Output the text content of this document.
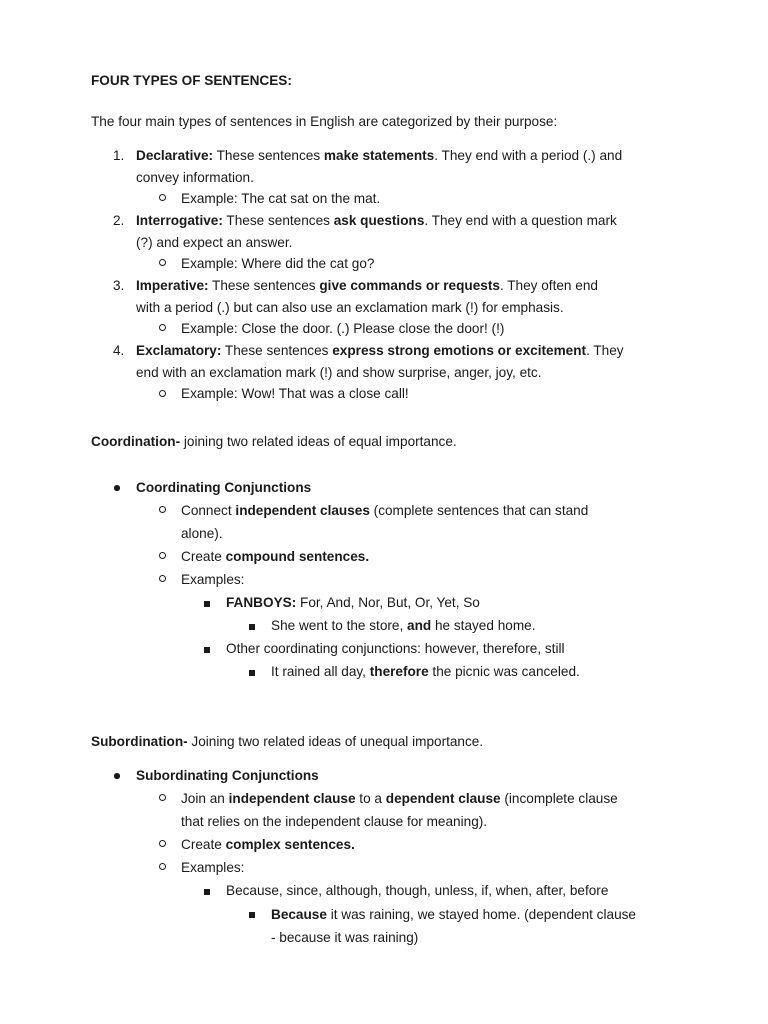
FOUR TYPES OF SENTENCES:
The four main types of sentences in English are categorized by their purpose:
1. Declarative: These sentences make statements. They end with a period (.) and
convey information.
Example: The cat sat on the mat.
2. Interrogative: These sentences ask questions. They end with a question mark
(?) and expect an answer.
Example: Where did the cat go?
3. Imperative: These sentences give commands or requests. They often end
with a period (.) but can also use an exclamation mark (!) for emphasis.
Example: Close the door. (.) Please close the door! (!)
4. Exclamatory: These sentences express strong emotions or excitement. They
end with an exclamation mark (!) and show surprise, anger, joy, etc.
Example: Wow! That was a close call!
Coordination- joining two related ideas of equal importance.
Coordinating Conjunctions
Connect independent clauses (complete sentences that can stand
alone).
Create compound sentences.
Examples:
FANBOYS: For, And, Nor, But, Or, Yet, So
She went to the store, and he stayed home.
Other coordinating conjunctions: however, therefore, still
It rained all day, therefore the picnic was canceled.
Subordination- Joining two related ideas of unequal importance.
Subordinating Conjunctions
Join an independent clause to a dependent clause (incomplete clause
that relies on the independent clause for meaning).
Create complex sentences.
Examples:
Because, since, although, though, unless, if, when, after, before
Because it was raining, we stayed home. (dependent clause
- because it was raining)
